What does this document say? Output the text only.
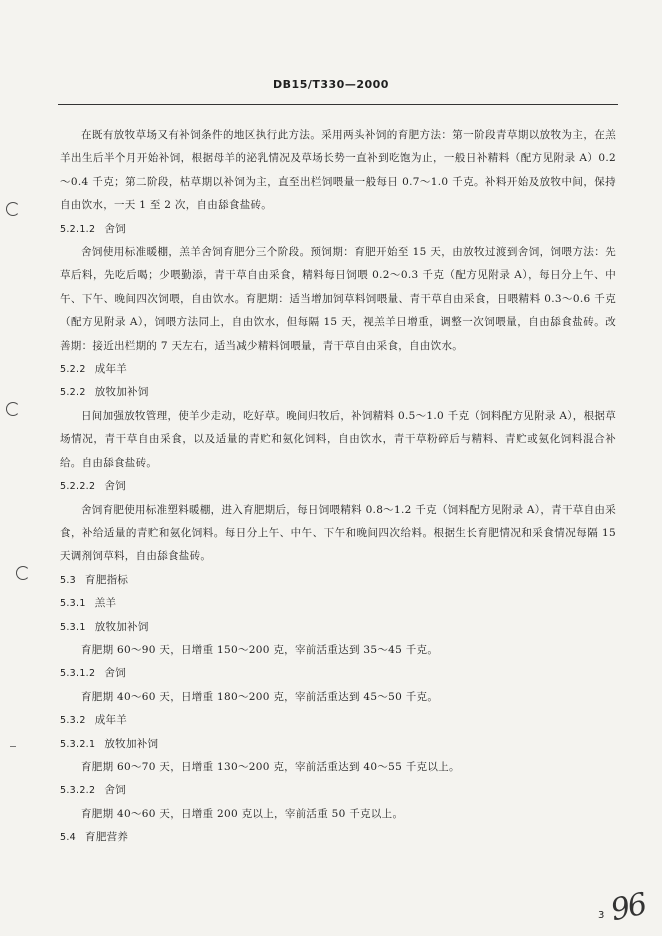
DB15/T330—2000

在既有放牧草场又有补饲条件的地区执行此方法。采用两头补饲的育肥方法：第一阶段青草期以放牧为主，在羔羊出生后半个月开始补饲，根据母羊的泌乳情况及草场长势一直补到吃饱为止，一般日补精料（配方见附录 A）0.2～0.4 千克；第二阶段，枯草期以补饲为主，直至出栏饲喂量一般每日 0.7～1.0 千克。补料开始及放牧中间，保持自由饮水，一天 1 至 2 次，自由舔食盐砖。

5.2.1.2 舍饲

舍饲使用标准暖棚，羔羊舍饲育肥分三个阶段。预饲期：育肥开始至 15 天，由放牧过渡到舍饲，饲喂方法：先草后料，先吃后喝；少喂勤添，青干草自由采食，精料每日饲喂 0.2～0.3 千克（配方见附录 A），每日分上午、中午、下午、晚间四次饲喂，自由饮水。育肥期：适当增加饲草料饲喂量、青干草自由采食，日喂精料 0.3～0.6 千克（配方见附录 A），饲喂方法同上，自由饮水，但每隔 15 天，视羔羊日增重，调整一次饲喂量，自由舔食盐砖。改善期：接近出栏期的 7 天左右，适当减少精料饲喂量，青干草自由采食，自由饮水。

5.2.2 成年羊
5.2.2 放牧加补饲

日间加强放牧管理，使羊少走动，吃好草。晚间归牧后，补饲精料 0.5～1.0 千克（饲料配方见附录 A），根据草场情况，青干草自由采食，以及适量的青贮和氨化饲料，自由饮水，青干草粉碎后与精料、青贮或氨化饲料混合补给。自由舔食盐砖。

5.2.2.2 舍饲

舍饲育肥使用标准塑料暖棚，进入育肥期后，每日饲喂精料 0.8～1.2 千克（饲料配方见附录 A），青干草自由采食，补给适量的青贮和氨化饲料。每日分上午、中午、下午和晚间四次给料。根据生长育肥情况和采食情况每隔 15 天调剂饲草料，自由舔食盐砖。

5.3 育肥指标
5.3.1 羔羊
5.3.1 放牧加补饲

育肥期 60～90 天，日增重 150～200 克，宰前活重达到 35～45 千克。

5.3.1.2 舍饲

育肥期 40～60 天，日增重 180～200 克，宰前活重达到 45～50 千克。

5.3.2 成年羊
5.3.2.1 放牧加补饲

育肥期 60～70 天，日增重 130～200 克，宰前活重达到 40～55 千克以上。

5.3.2.2 舍饲

育肥期 40～60 天，日增重 200 克以上，宰前活重 50 千克以上。

5.4 育肥营养
3 96
